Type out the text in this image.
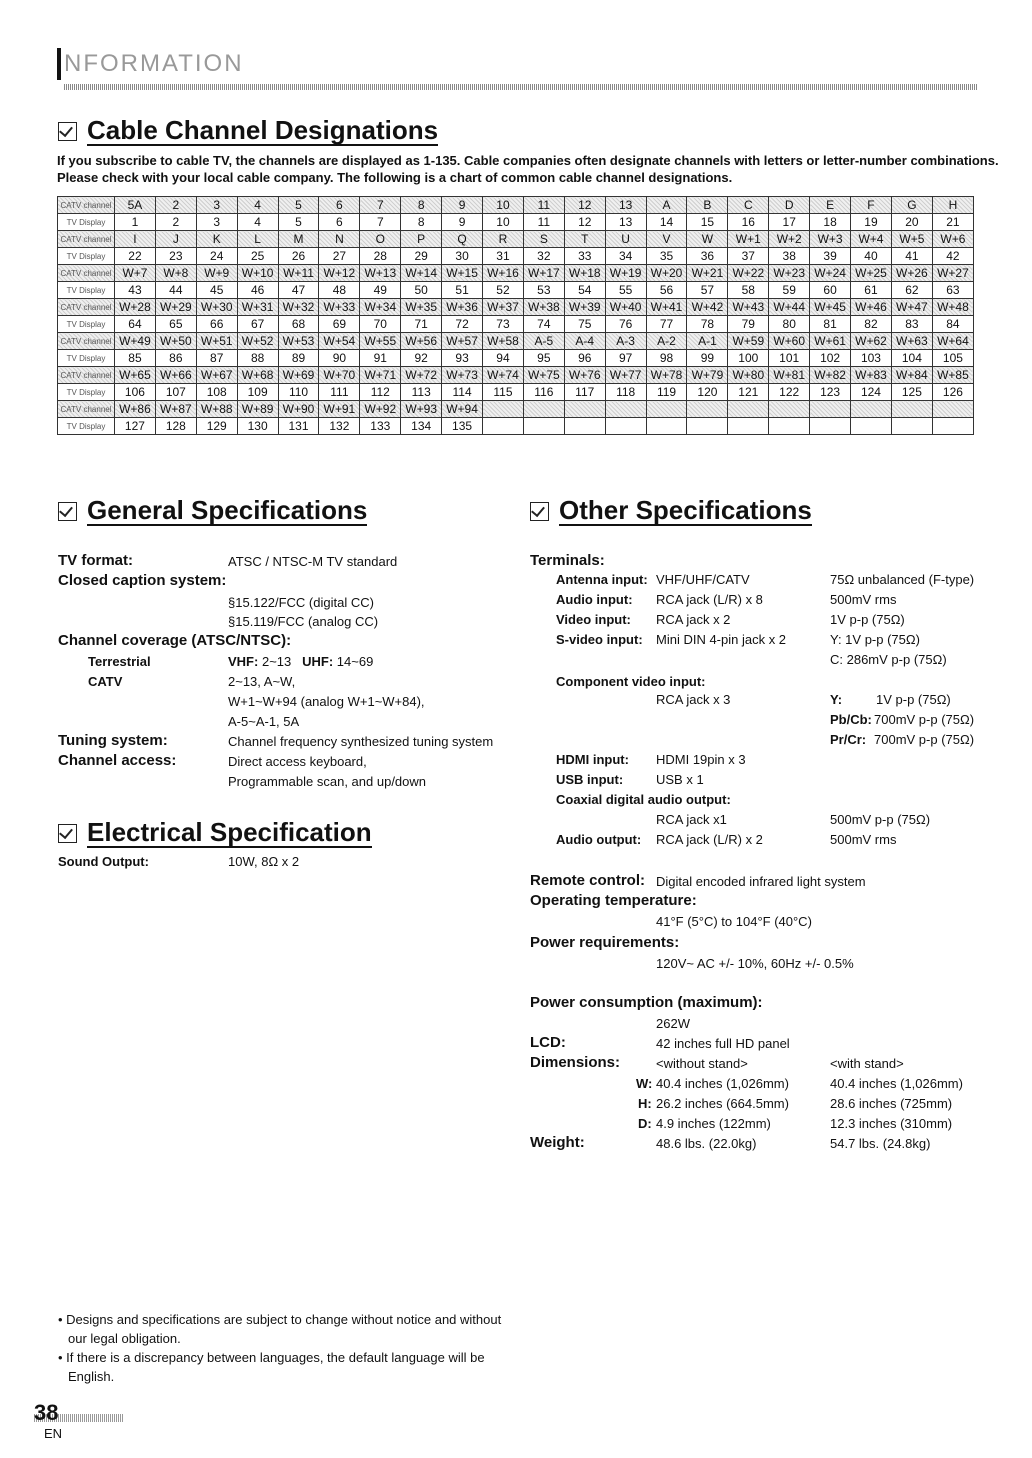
NFORMATION
Cable Channel Designations
If you subscribe to cable TV, the channels are displayed as 1-135. Cable companies often designate channels with letters or letter-number combinations.
Please check with your local cable company. The following is a chart of common cable channel designations.
CATV channel	5A	2	3	4	5	6	7	8	9	10	11	12	13	A	B	C	D	E	F	G	H
TV Display	1	2	3	4	5	6	7	8	9	10	11	12	13	14	15	16	17	18	19	20	21
CATV channel	I	J	K	L	M	N	O	P	Q	R	S	T	U	V	W	W+1	W+2	W+3	W+4	W+5	W+6
TV Display	22	23	24	25	26	27	28	29	30	31	32	33	34	35	36	37	38	39	40	41	42
CATV channel	W+7	W+8	W+9	W+10	W+11	W+12	W+13	W+14	W+15	W+16	W+17	W+18	W+19	W+20	W+21	W+22	W+23	W+24	W+25	W+26	W+27
TV Display	43	44	45	46	47	48	49	50	51	52	53	54	55	56	57	58	59	60	61	62	63
CATV channel	W+28	W+29	W+30	W+31	W+32	W+33	W+34	W+35	W+36	W+37	W+38	W+39	W+40	W+41	W+42	W+43	W+44	W+45	W+46	W+47	W+48
TV Display	64	65	66	67	68	69	70	71	72	73	74	75	76	77	78	79	80	81	82	83	84
CATV channel	W+49	W+50	W+51	W+52	W+53	W+54	W+55	W+56	W+57	W+58	A-5	A-4	A-3	A-2	A-1	W+59	W+60	W+61	W+62	W+63	W+64
TV Display	85	86	87	88	89	90	91	92	93	94	95	96	97	98	99	100	101	102	103	104	105
CATV channel	W+65	W+66	W+67	W+68	W+69	W+70	W+71	W+72	W+73	W+74	W+75	W+76	W+77	W+78	W+79	W+80	W+81	W+82	W+83	W+84	W+85
TV Display	106	107	108	109	110	111	112	113	114	115	116	117	118	119	120	121	122	123	124	125	126
CATV channel	W+86	W+87	W+88	W+89	W+90	W+91	W+92	W+93	W+94												
TV Display	127	128	129	130	131	132	133	134	135												
General Specifications
TV format:	ATSC / NTSC-M TV standard
Closed caption system:
§15.122/FCC (digital CC)
§15.119/FCC (analog CC)
Channel coverage (ATSC/NTSC):
Terrestrial	VHF: 2~13 UHF: 14~69
CATV	2~13, A~W,
W+1~W+94 (analog W+1~W+84),
A-5~A-1, 5A
Tuning system:	Channel frequency synthesized tuning system
Channel access:	Direct access keyboard,
Programmable scan, and up/down
Electrical Specification
Sound Output:	10W, 8Ω x 2
Other Specifications
Terminals:
Antenna input: VHF/UHF/CATV	75Ω unbalanced (F-type)
Audio input: RCA jack (L/R) x 8	500mV rms
Video input: RCA jack x 2	1V p-p (75Ω)
S-video input: Mini DIN 4-pin jack x 2	Y: 1V p-p (75Ω)
C: 286mV p-p (75Ω)
Component video input:
RCA jack x 3	Y:	1V p-p (75Ω)
Pb/Cb: 700mV p-p (75Ω)
Pr/Cr: 700mV p-p (75Ω)
HDMI input: HDMI 19pin x 3
USB input:	USB x 1
Coaxial digital audio output:
RCA jack x1	500mV p-p (75Ω)
Audio output: RCA jack (L/R) x 2	500mV rms
Remote control: Digital encoded infrared light system
Operating temperature:
41°F (5°C) to 104°F (40°C)
Power requirements:
120V~ AC +/- 10%, 60Hz +/- 0.5%
Power consumption (maximum):
262W
LCD:	42 inches full HD panel
Dimensions:	<without stand>	<with stand>
W: 40.4 inches (1,026mm)	40.4 inches (1,026mm)
H: 26.2 inches (664.5mm)	28.6 inches (725mm)
D: 4.9 inches (122mm)	12.3 inches (310mm)
Weight:	48.6 lbs. (22.0kg)	54.7 lbs. (24.8kg)
• Designs and specifications are subject to change without notice and without
our legal obligation.
• If there is a discrepancy between languages, the default language will be
English.
38
EN
